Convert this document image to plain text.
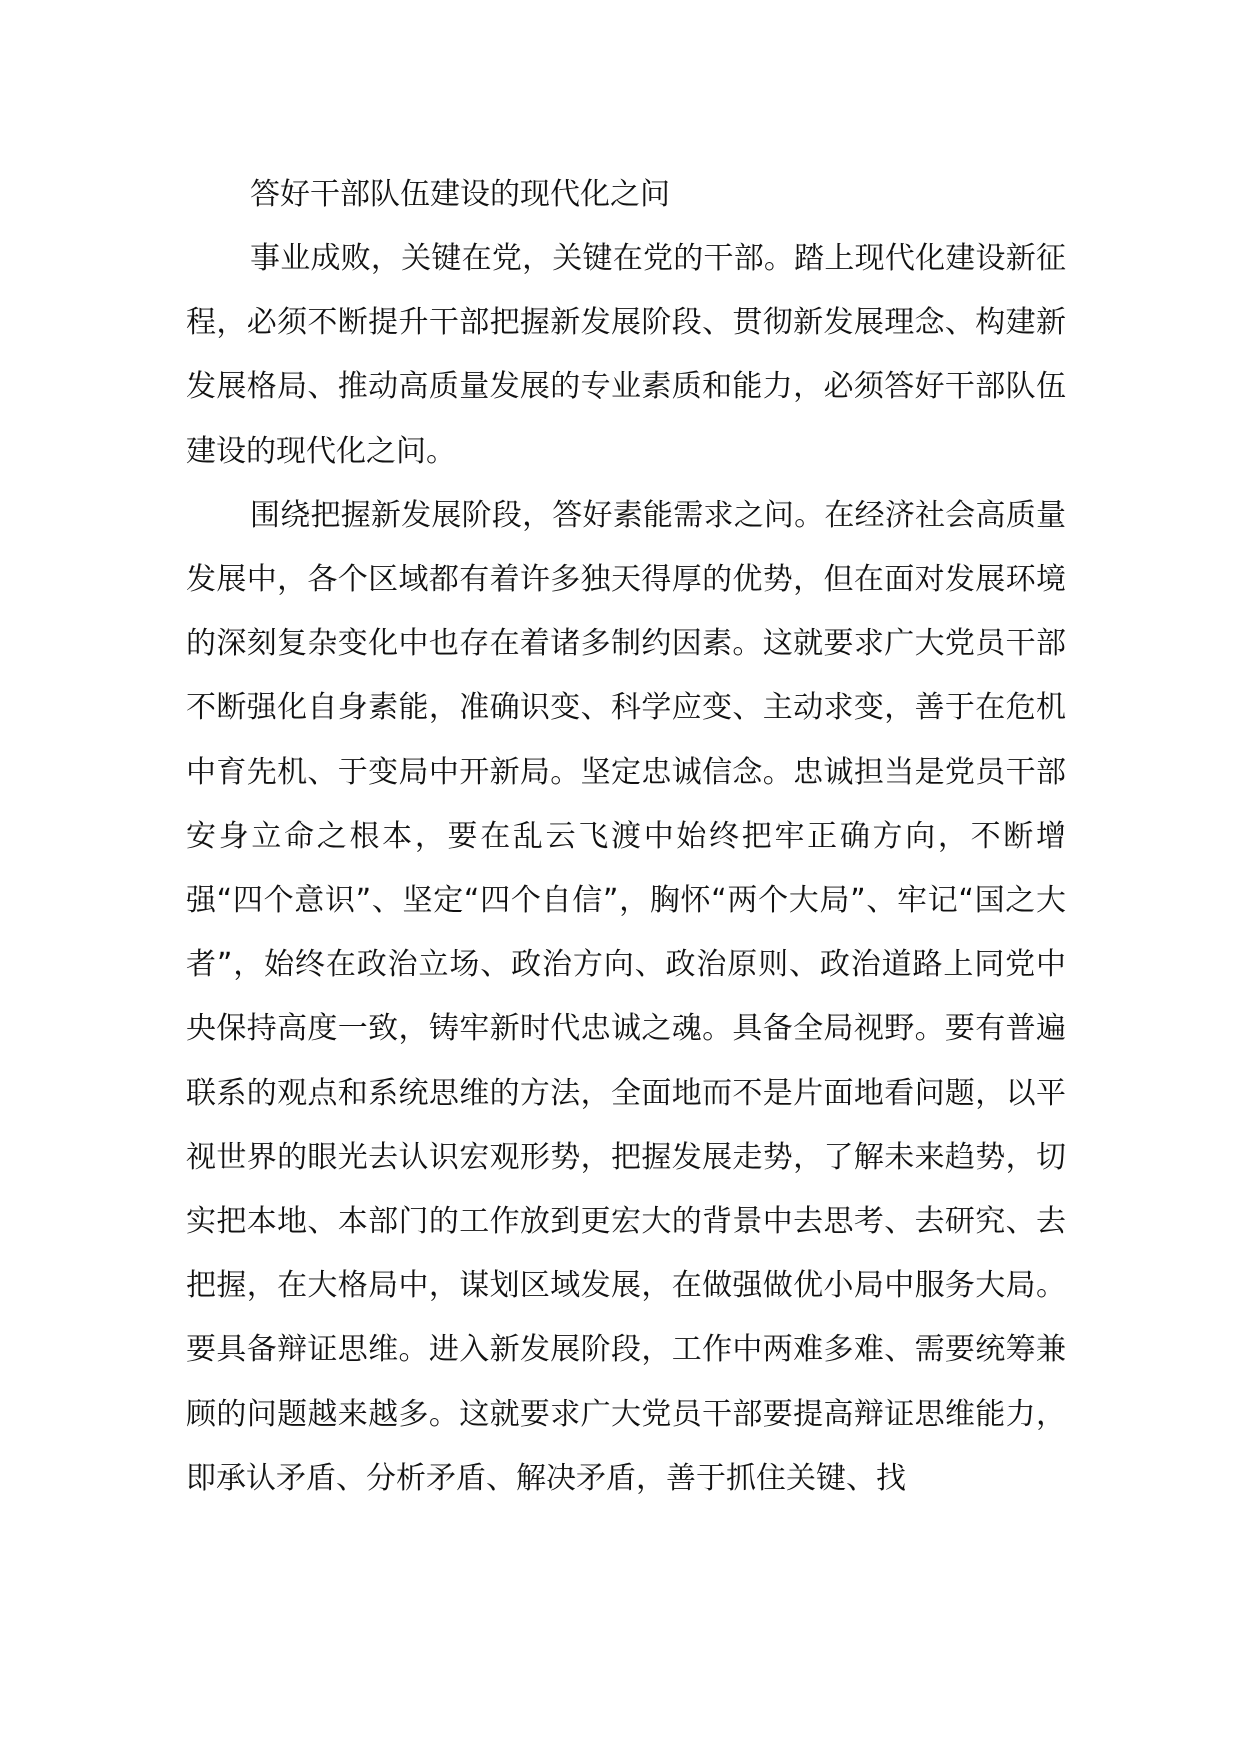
答好干部队伍建设的现代化之问

事业成败，关键在党，关键在党的干部。踏上现代化建设新征程，必须不断提升干部把握新发展阶段、贯彻新发展理念、构建新发展格局、推动高质量发展的专业素质和能力，必须答好干部队伍建设的现代化之问。

围绕把握新发展阶段，答好素能需求之问。在经济社会高质量发展中，各个区域都有着许多独天得厚的优势，但在面对发展环境的深刻复杂变化中也存在着诸多制约因素。这就要求广大党员干部不断强化自身素能，准确识变、科学应变、主动求变，善于在危机中育先机、于变局中开新局。坚定忠诚信念。忠诚担当是党员干部安身立命之根本，要在乱云飞渡中始终把牢正确方向，不断增强“四个意识”、坚定“四个自信”，胸怀“两个大局”、牢记“国之大者”，始终在政治立场、政治方向、政治原则、政治道路上同党中央保持高度一致，铸牢新时代忠诚之魂。具备全局视野。要有普遍联系的观点和系统思维的方法，全面地而不是片面地看问题，以平视世界的眼光去认识宏观形势，把握发展走势，了解未来趋势，切实把本地、本部门的工作放到更宏大的背景中去思考、去研究、去把握，在大格局中，谋划区域发展，在做强做优小局中服务大局。要具备辩证思维。进入新发展阶段，工作中两难多难、需要统筹兼顾的问题越来越多。这就要求广大党员干部要提高辩证思维能力，即承认矛盾、分析矛盾、解决矛盾，善于抓住关键、找
